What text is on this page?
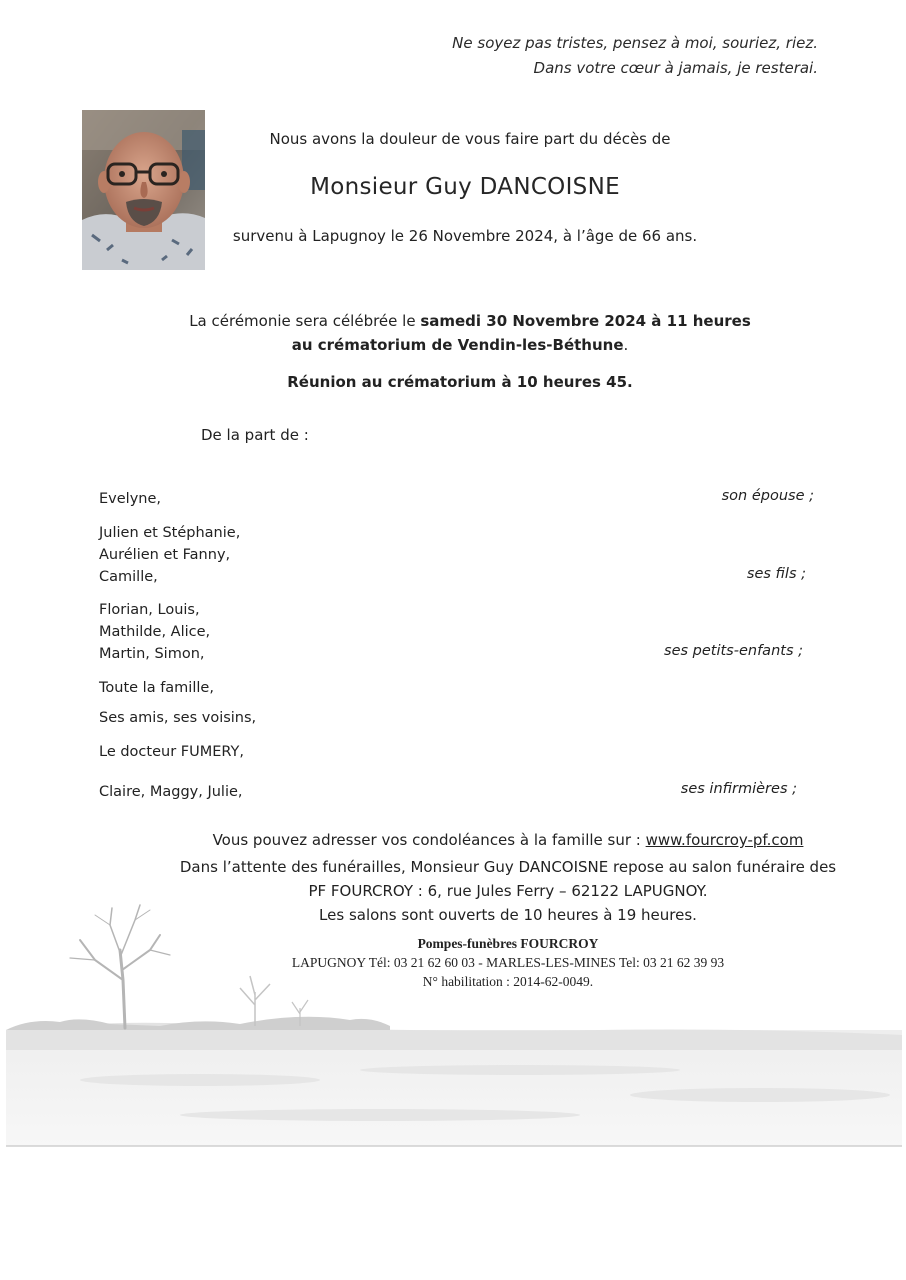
Ne soyez pas tristes, pensez à moi, souriez, riez.
Dans votre cœur à jamais, je resterai.
Nous avons la douleur de vous faire part du décès de
Monsieur Guy DANCOISNE
survenu à Lapugnoy le 26 Novembre 2024, à l’âge de 66 ans.
La cérémonie sera célébrée le samedi 30 Novembre 2024 à 11 heures
au crématorium de Vendin-les-Béthune.
Réunion au crématorium à 10 heures 45.
De la part de :
Evelyne,	son épouse ;
Julien et Stéphanie,
Aurélien et Fanny,
Camille,	ses fils ;
Florian, Louis,
Mathilde, Alice,
Martin, Simon,	ses petits-enfants ;
Toute la famille,
Ses amis, ses voisins,
Le docteur FUMERY,
Claire, Maggy, Julie,	ses infirmières ;
Vous pouvez adresser vos condoléances à la famille sur : www.fourcroy-pf.com
Dans l’attente des funérailles, Monsieur Guy DANCOISNE repose au salon funéraire des
PF FOURCROY : 6, rue Jules Ferry – 62122 LAPUGNOY.
Les salons sont ouverts de 10 heures à 19 heures.
Pompes-funèbres FOURCROY
LAPUGNOY Tél: 03 21 62 60 03 - MARLES-LES-MINES Tel: 03 21 62 39 93
N° habilitation : 2014-62-0049.
